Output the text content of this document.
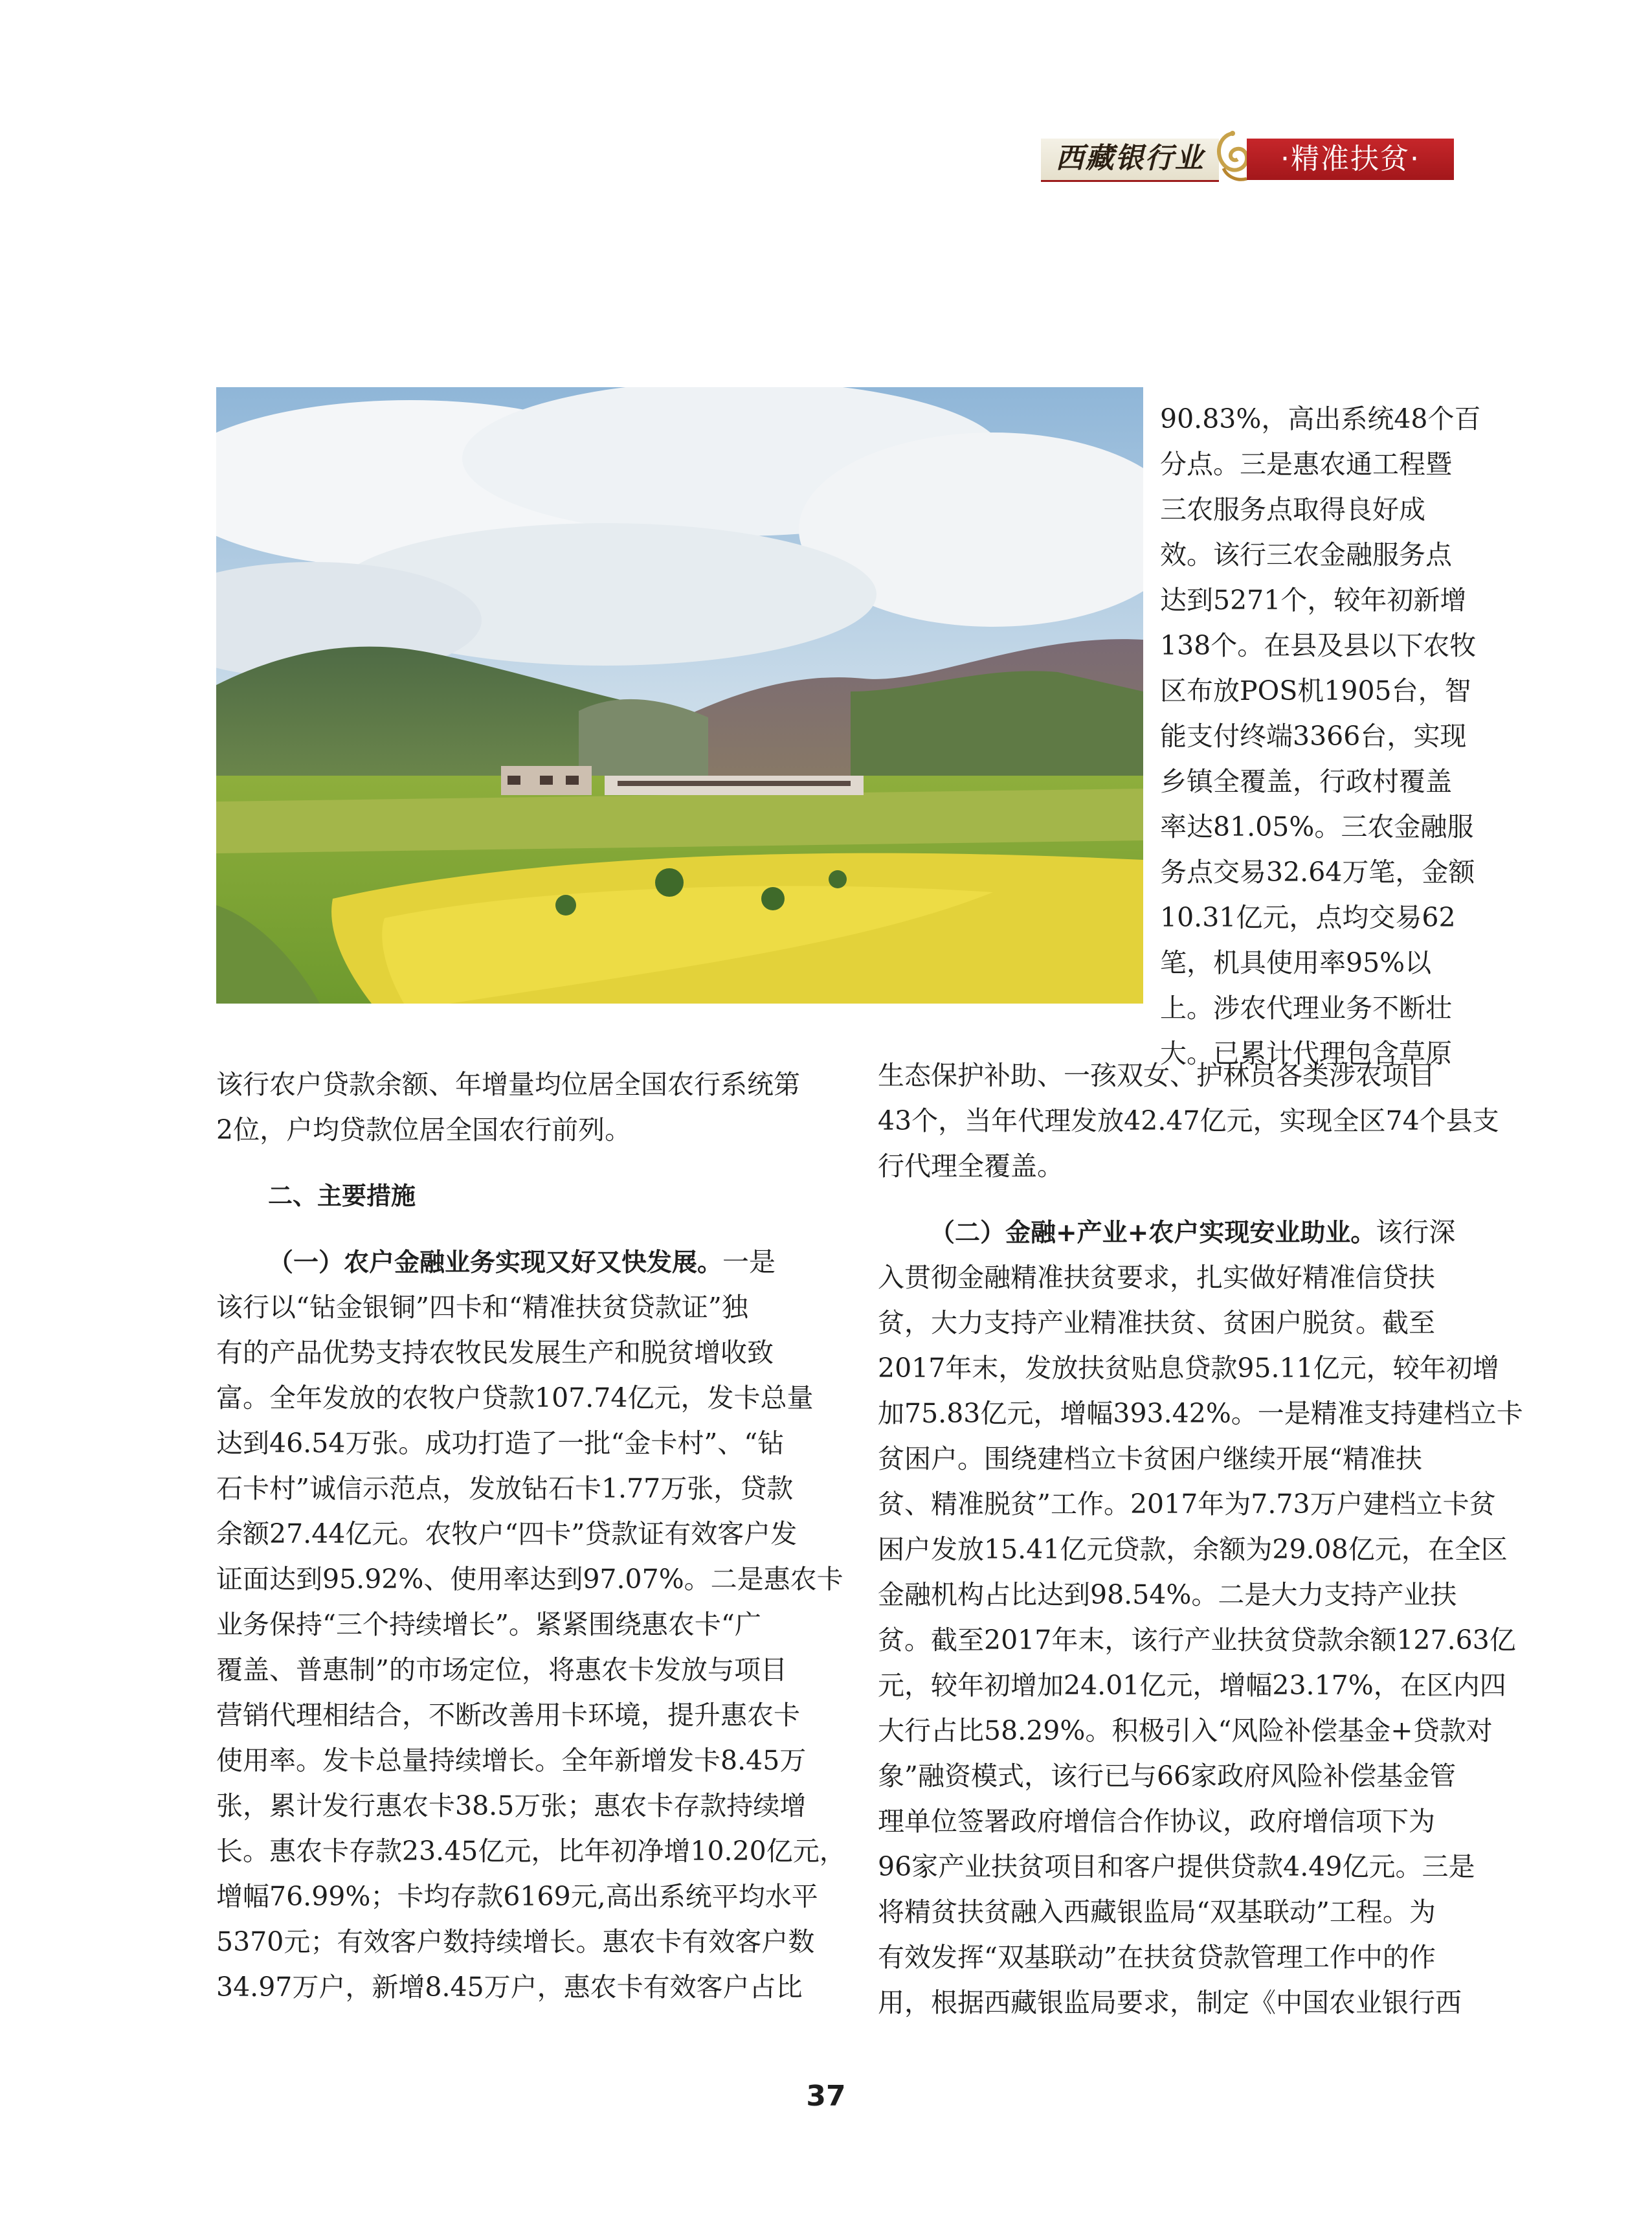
西藏银行业	·精准扶贫·
90.83%，高出系统48个百
分点。三是惠农通工程暨
三农服务点取得良好成
效。该行三农金融服务点
达到5271个，较年初新增
138个。在县及县以下农牧
区布放POS机1905台，智
能支付终端3366台，实现
乡镇全覆盖，行政村覆盖
率达81.05%。三农金融服
务点交易32.64万笔，金额
10.31亿元，点均交易62
笔，机具使用率95%以
上。涉农代理业务不断壮
大。已累计代理包含草原
生态保护补助、一孩双女、护林员各类涉农项目
43个，当年代理发放42.47亿元，实现全区74个县支
行代理全覆盖。
（二）金融+产业+农户实现安业助业。该行深
入贯彻金融精准扶贫要求，扎实做好精准信贷扶
贫，大力支持产业精准扶贫、贫困户脱贫。截至
2017年末，发放扶贫贴息贷款95.11亿元，较年初增
加75.83亿元，增幅393.42%。一是精准支持建档立卡
贫困户。围绕建档立卡贫困户继续开展“精准扶
贫、精准脱贫”工作。2017年为7.73万户建档立卡贫
困户发放15.41亿元贷款，余额为29.08亿元，在全区
金融机构占比达到98.54%。二是大力支持产业扶
贫。截至2017年末，该行产业扶贫贷款余额127.63亿
元，较年初增加24.01亿元，增幅23.17%，在区内四
大行占比58.29%。积极引入“风险补偿基金+贷款对
象”融资模式，该行已与66家政府风险补偿基金管
理单位签署政府增信合作协议，政府增信项下为
96家产业扶贫项目和客户提供贷款4.49亿元。三是
将精贫扶贫融入西藏银监局“双基联动”工程。为
有效发挥“双基联动”在扶贫贷款管理工作中的作
用，根据西藏银监局要求，制定《中国农业银行西
该行农户贷款余额、年增量均位居全国农行系统第
2位，户均贷款位居全国农行前列。
二、主要措施
（一）农户金融业务实现又好又快发展。一是
该行以“钻金银铜”四卡和“精准扶贫贷款证”独
有的产品优势支持农牧民发展生产和脱贫增收致
富。全年发放的农牧户贷款107.74亿元，发卡总量
达到46.54万张。成功打造了一批“金卡村”、“钻
石卡村”诚信示范点，发放钻石卡1.77万张，贷款
余额27.44亿元。农牧户“四卡”贷款证有效客户发
证面达到95.92%、使用率达到97.07%。二是惠农卡
业务保持“三个持续增长”。紧紧围绕惠农卡“广
覆盖、普惠制”的市场定位，将惠农卡发放与项目
营销代理相结合，不断改善用卡环境，提升惠农卡
使用率。发卡总量持续增长。全年新增发卡8.45万
张，累计发行惠农卡38.5万张；惠农卡存款持续增
长。惠农卡存款23.45亿元，比年初净增10.20亿元，
增幅76.99%；卡均存款6169元,高出系统平均水平
5370元；有效客户数持续增长。惠农卡有效客户数
34.97万户，新增8.45万户，惠农卡有效客户占比
37
